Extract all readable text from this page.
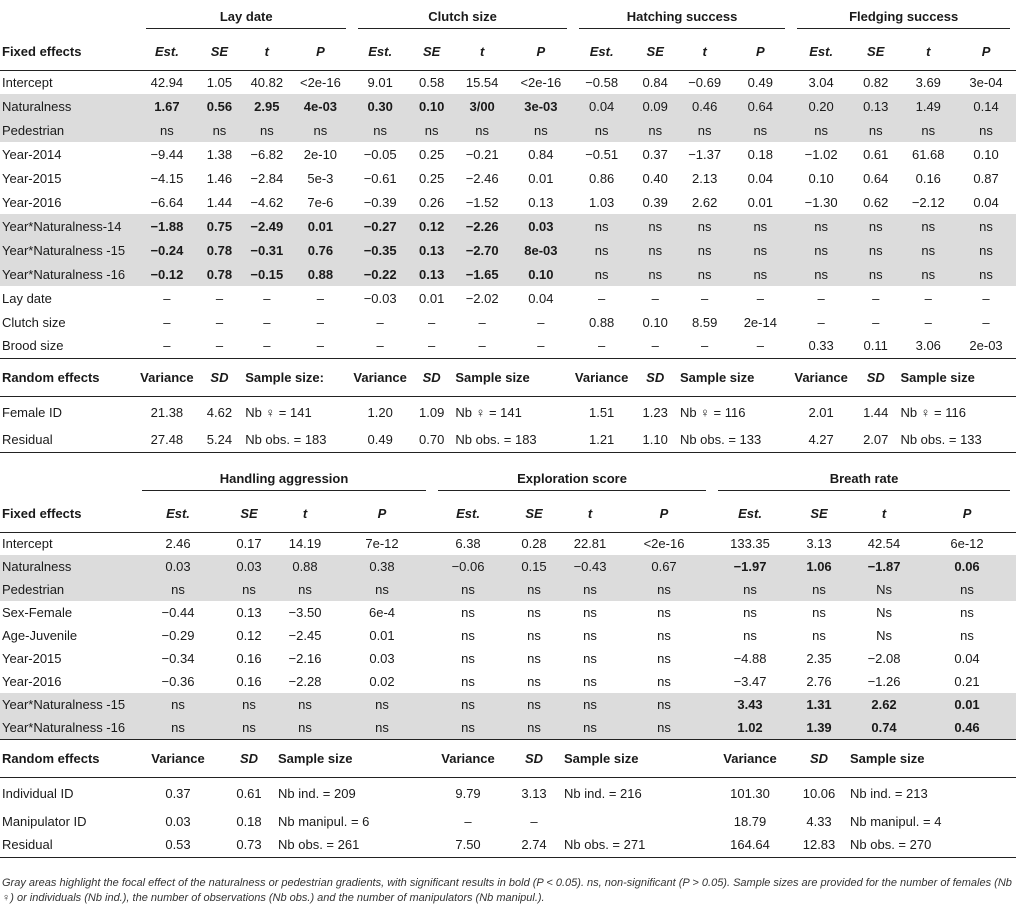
	Lay date				Clutch size				Hatching success				Fledging success			

Fixed effects	Est.	SE	t	P	Est.	SE	t	P	Est.	SE	t	P	Est.	SE	t	P
Intercept	42.94	1.05	40.82	<2e-16	9.01	0.58	15.54	<2e-16	−0.58	0.84	−0.69	0.49	3.04	0.82	3.69	3e-04
Naturalness	1.67	0.56	2.95	4e-03	0.30	0.10	3/00	3e-03	0.04	0.09	0.46	0.64	0.20	0.13	1.49	0.14
Pedestrian	ns	ns	ns	ns	ns	ns	ns	ns	ns	ns	ns	ns	ns	ns	ns	ns
Year-2014	−9.44	1.38	−6.82	2e-10	−0.05	0.25	−0.21	0.84	−0.51	0.37	−1.37	0.18	−1.02	0.61	61.68	0.10
Year-2015	−4.15	1.46	−2.84	5e-3	−0.61	0.25	−2.46	0.01	0.86	0.40	2.13	0.04	0.10	0.64	0.16	0.87
Year-2016	−6.64	1.44	−4.62	7e-6	−0.39	0.26	−1.52	0.13	1.03	0.39	2.62	0.01	−1.30	0.62	−2.12	0.04
Year*Naturalness-14	−1.88	0.75	−2.49	0.01	−0.27	0.12	−2.26	0.03	ns	ns	ns	ns	ns	ns	ns	ns
Year*Naturalness -15	−0.24	0.78	−0.31	0.76	−0.35	0.13	−2.70	8e-03	ns	ns	ns	ns	ns	ns	ns	ns
Year*Naturalness -16	−0.12	0.78	−0.15	0.88	−0.22	0.13	−1.65	0.10	ns	ns	ns	ns	ns	ns	ns	ns
Lay date	–	–	–	–	−0.03	0.01	−2.02	0.04	–	–	–	–	–	–	–	–
Clutch size	–	–	–	–	–	–	–	–	0.88	0.10	8.59	2e-14	–	–	–	–
Brood size	–	–	–	–	–	–	–	–	–	–	–	–	0.33	0.11	3.06	2e-03
Random effects	Variance	SD	Sample size:		Variance	SD	Sample size		Variance	SD	Sample size		Variance	SD	Sample size	
Female ID	21.38	4.62	Nb ♀ = 141		1.20	1.09	Nb ♀ = 141		1.51	1.23	Nb ♀ = 116		2.01	1.44	Nb ♀ = 116	
Residual	27.48	5.24	Nb obs. = 183		0.49	0.70	Nb obs. = 183		1.21	1.10	Nb obs. = 133		4.27	2.07	Nb obs. = 133	

	Handling aggression				Exploration score				Breath rate			

Fixed effects	Est.	SE	t	P	Est.	SE	t	P	Est.	SE	t	P
Intercept	2.46	0.17	14.19	7e-12	6.38	0.28	22.81	<2e-16	133.35	3.13	42.54	6e-12
Naturalness	0.03	0.03	0.88	0.38	−0.06	0.15	−0.43	0.67	−1.97	1.06	−1.87	0.06
Pedestrian	ns	ns	ns	ns	ns	ns	ns	ns	ns	ns	Ns	ns
Sex-Female	−0.44	0.13	−3.50	6e-4	ns	ns	ns	ns	ns	ns	Ns	ns
Age-Juvenile	−0.29	0.12	−2.45	0.01	ns	ns	ns	ns	ns	ns	Ns	ns
Year-2015	−0.34	0.16	−2.16	0.03	ns	ns	ns	ns	−4.88	2.35	−2.08	0.04
Year-2016	−0.36	0.16	−2.28	0.02	ns	ns	ns	ns	−3.47	2.76	−1.26	0.21
Year*Naturalness -15	ns	ns	ns	ns	ns	ns	ns	ns	3.43	1.31	2.62	0.01
Year*Naturalness -16	ns	ns	ns	ns	ns	ns	ns	ns	1.02	1.39	0.74	0.46
Random effects	Variance	SD	Sample size		Variance	SD	Sample size		Variance	SD	Sample size	
Individual ID	0.37	0.61	Nb ind. = 209		9.79	3.13	Nb ind. = 216		101.30	10.06	Nb ind. = 213	
Manipulator ID	0.03	0.18	Nb manipul. = 6		–	–			18.79	4.33	Nb manipul. = 4	
Residual	0.53	0.73	Nb obs. = 261		7.50	2.74	Nb obs. = 271		164.64	12.83	Nb obs. = 270	

Gray areas highlight the focal effect of the naturalness or pedestrian gradients, with significant results in bold (P < 0.05). ns, non-significant (P > 0.05). Sample sizes are provided for the number of females (Nb ♀) or individuals (Nb ind.), the number of observations (Nb obs.) and the number of manipulators (Nb manipul.).
